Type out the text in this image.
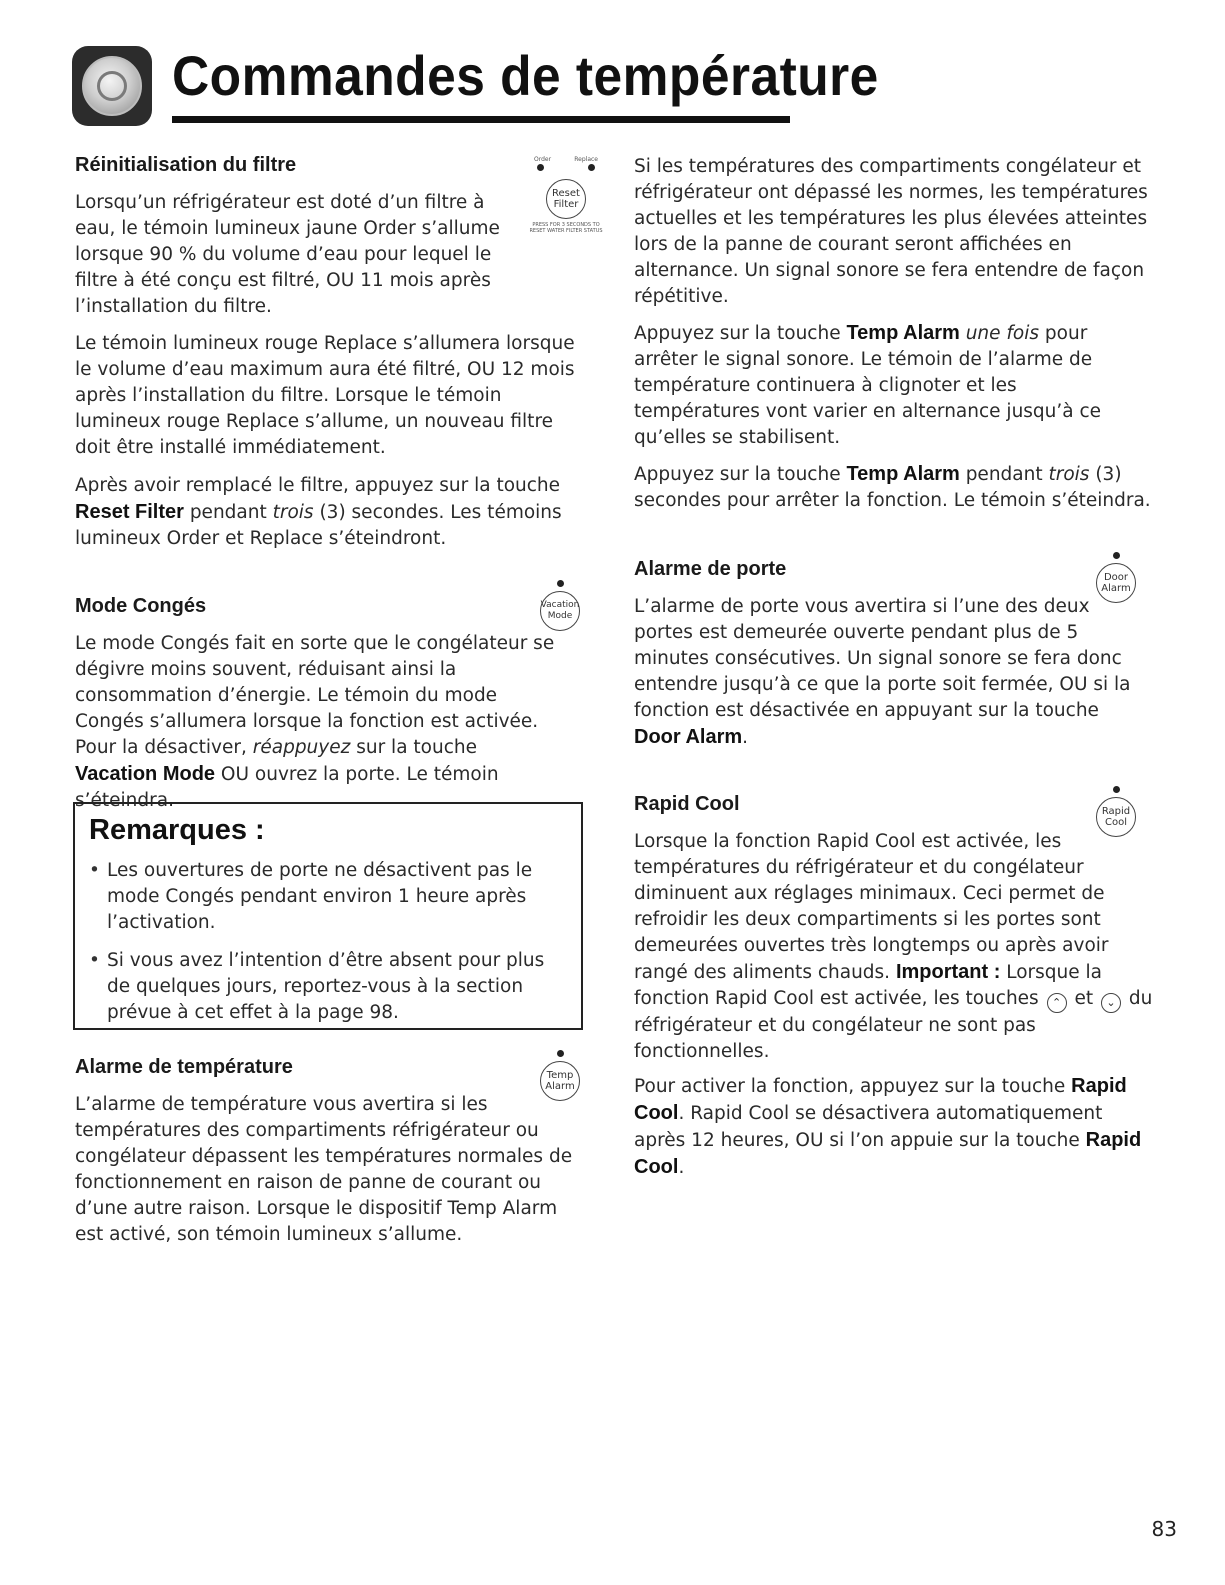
Commandes de température
Réinitialisation du filtre	Order	Replace
Reset
Filter
PRESS FOR 3 SECONDS TO RESET WATER FILTER STATUS

Lorsqu’un réfrigérateur est doté d’un filtre à eau, le témoin lumineux jaune Order s’allume lorsque 90 % du volume d’eau pour lequel le filtre à été conçu est filtré, OU 11 mois après l’installation du filtre.

Le témoin lumineux rouge Replace s’allumera lorsque le volume d’eau maximum aura été filtré, OU 12 mois après l’installation du filtre. Lorsque le témoin lumineux rouge Replace s’allume, un nouveau filtre doit être installé immédiatement.

Après avoir remplacé le filtre, appuyez sur la touche Reset Filter pendant trois (3) secondes. Les témoins lumineux Order et Replace s’éteindront.

Mode Congés	Vacation
Mode

Le mode Congés fait en sorte que le congélateur se dégivre moins souvent, réduisant ainsi la consommation d’énergie. Le témoin du mode Congés s’allumera lorsque la fonction est activée. Pour la désactiver, réappuyez sur la touche Vacation Mode OU ouvrez la porte. Le témoin s’éteindra.

Remarques :
• Les ouvertures de porte ne désactivent pas le mode Congés pendant environ 1 heure après l’activation.
• Si vous avez l’intention d’être absent pour plus de quelques jours, reportez-vous à la section prévue à cet effet à la page 98.
Alarme de température	Temp
Alarm

L’alarme de température vous avertira si les températures des compartiments réfrigérateur ou congélateur dépassent les températures normales de fonctionnement en raison de panne de courant ou d’une autre raison. Lorsque le dispositif Temp Alarm est activé, son témoin lumineux s’allume.

Si les températures des compartiments congélateur et réfrigérateur ont dépassé les normes, les températures actuelles et les températures les plus élevées atteintes lors de la panne de courant seront affichées en alternance. Un signal sonore se fera entendre de façon répétitive.

Appuyez sur la touche Temp Alarm une fois pour arrêter le signal sonore. Le témoin de l’alarme de température continuera à clignoter et les températures vont varier en alternance jusqu’à ce qu’elles se stabilisent.

Appuyez sur la touche Temp Alarm pendant trois (3) secondes pour arrêter la fonction. Le témoin s’éteindra.

Alarme de porte	Door
Alarm

L’alarme de porte vous avertira si l’une des deux portes est demeurée ouverte pendant plus de 5 minutes consécutives. Un signal sonore se fera donc entendre jusqu’à ce que la porte soit fermée, OU si la fonction est désactivée en appuyant sur la touche Door Alarm.

Rapid Cool	Rapid
Cool

Lorsque la fonction Rapid Cool est activée, les températures du réfrigérateur et du congélateur diminuent aux réglages minimaux. Ceci permet de refroidir les deux compartiments si les portes sont demeurées ouvertes très longtemps ou après avoir rangé des aliments chauds. Important : Lorsque la fonction Rapid Cool est activée, les touches ⌃ et ⌄ du réfrigérateur et du congélateur ne sont pas fonctionnelles.

Pour activer la fonction, appuyez sur la touche Rapid Cool. Rapid Cool se désactivera automatiquement après 12 heures, OU si l’on appuie sur la touche Rapid Cool.

83
